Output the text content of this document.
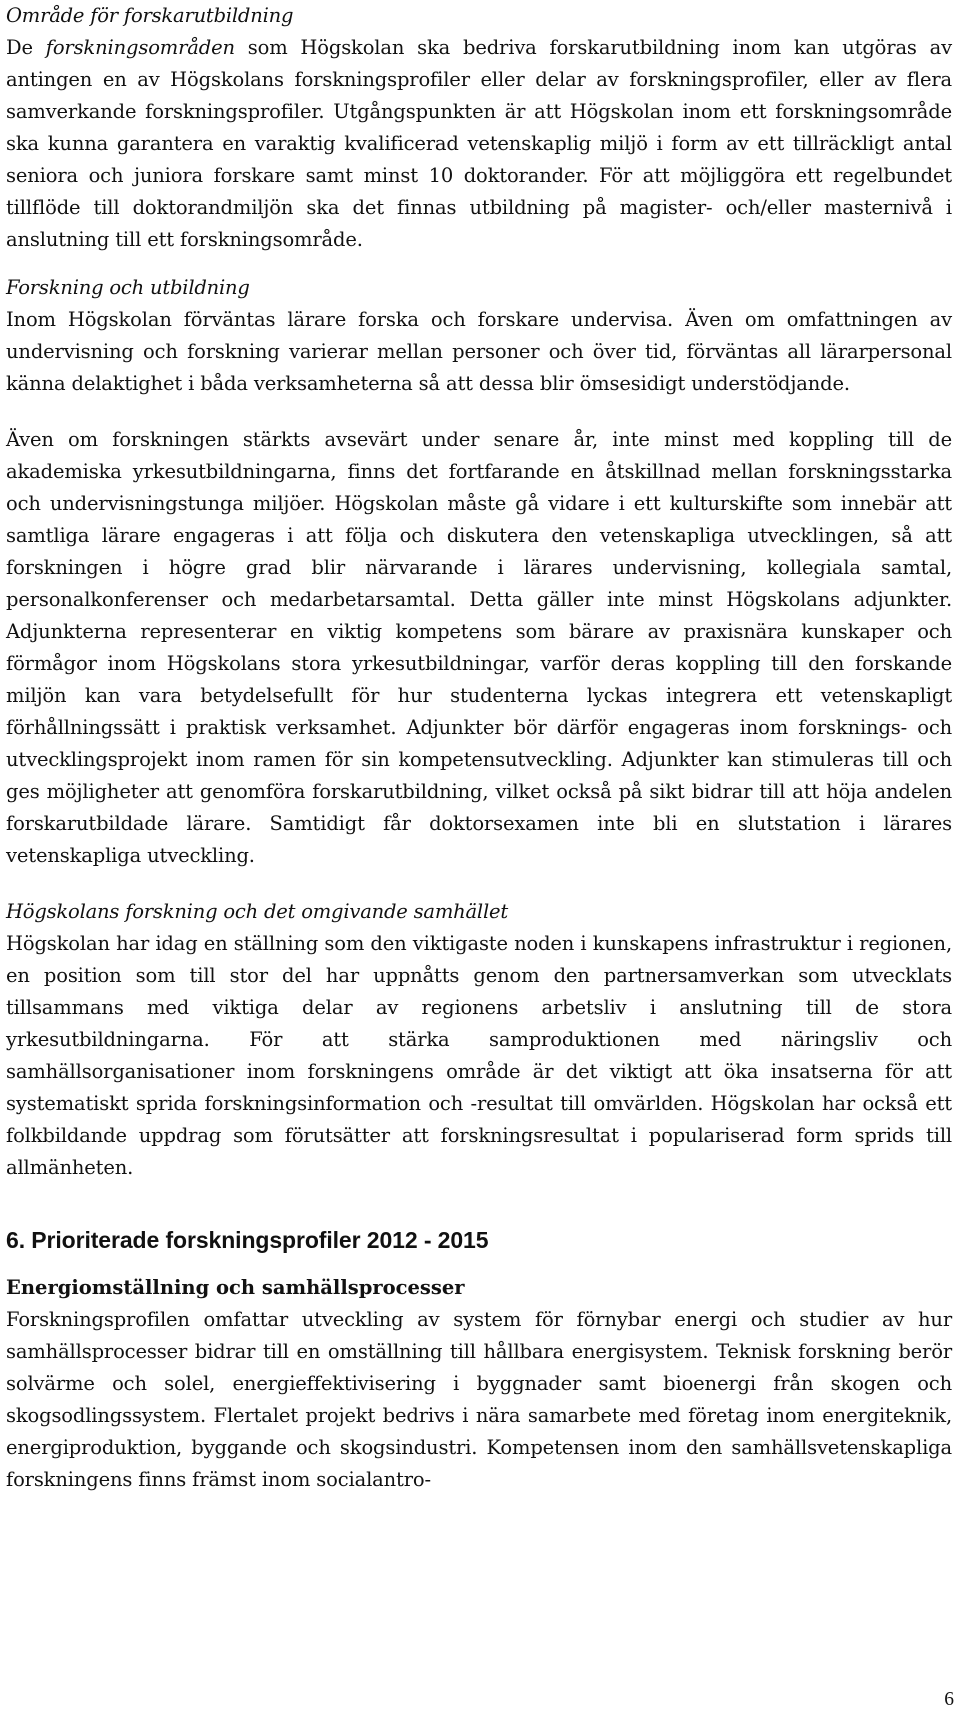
Område för forskarutbildning

De forskningsområden som Högskolan ska bedriva forskarutbildning inom kan utgöras av antingen en av Högskolans forskningsprofiler eller delar av forskningsprofiler, eller av flera samverkande forskningsprofiler. Utgångspunkten är att Högskolan inom ett forskningsområde ska kunna garantera en varaktig kvalificerad vetenskaplig miljö i form av ett tillräckligt antal seniora och juniora forskare samt minst 10 doktorander. För att möjliggöra ett regelbundet tillflöde till doktorandmiljön ska det finnas utbildning på magister- och/eller masternivå i anslutning till ett forskningsområde.

Forskning och utbildning

Inom Högskolan förväntas lärare forska och forskare undervisa. Även om omfattningen av undervisning och forskning varierar mellan personer och över tid, förväntas all lärarpersonal känna delaktighet i båda verksamheterna så att dessa blir ömsesidigt understödjande.

Även om forskningen stärkts avsevärt under senare år, inte minst med koppling till de akademiska yrkesutbildningarna, finns det fortfarande en åtskillnad mellan forskningsstarka och undervisningstunga miljöer. Högskolan måste gå vidare i ett kulturskifte som innebär att samtliga lärare engageras i att följa och diskutera den vetenskapliga utvecklingen, så att forskningen i högre grad blir närvarande i lärares undervisning, kollegiala samtal, personalkonferenser och medarbetarsamtal. Detta gäller inte minst Högskolans adjunkter. Adjunkterna representerar en viktig kompetens som bärare av praxisnära kunskaper och förmågor inom Högskolans stora yrkesutbildningar, varför deras koppling till den forskande miljön kan vara betydelsefullt för hur studenterna lyckas integrera ett vetenskapligt förhållningssätt i praktisk verksamhet. Adjunkter bör därför engageras inom forsknings- och utvecklingsprojekt inom ramen för sin kompetensutveckling. Adjunkter kan stimuleras till och ges möjligheter att genomföra forskarutbildning, vilket också på sikt bidrar till att höja andelen forskarutbildade lärare. Samtidigt får doktorsexamen inte bli en slutstation i lärares vetenskapliga utveckling.

Högskolans forskning och det omgivande samhället

Högskolan har idag en ställning som den viktigaste noden i kunskapens infrastruktur i regionen, en position som till stor del har uppnåtts genom den partnersamverkan som utvecklats tillsammans med viktiga delar av regionens arbetsliv i anslutning till de stora yrkesutbildningarna. För att stärka samproduktionen med näringsliv och samhällsorganisationer inom forskningens område är det viktigt att öka insatserna för att systematiskt sprida forskningsinformation och -resultat till omvärlden. Högskolan har också ett folkbildande uppdrag som förutsätter att forskningsresultat i populariserad form sprids till allmänheten.

6. Prioriterade forskningsprofiler 2012 - 2015

Energiomställning och samhällsprocesser

Forskningsprofilen omfattar utveckling av system för förnybar energi och studier av hur samhällsprocesser bidrar till en omställning till hållbara energisystem. Teknisk forskning berör solvärme och solel, energieffektivisering i byggnader samt bioenergi från skogen och skogsodlingssystem. Flertalet projekt bedrivs i nära samarbete med företag inom energiteknik, energiproduktion, byggande och skogsindustri. Kompetensen inom den samhällsvetenskapliga forskningens finns främst inom socialantro-

6
